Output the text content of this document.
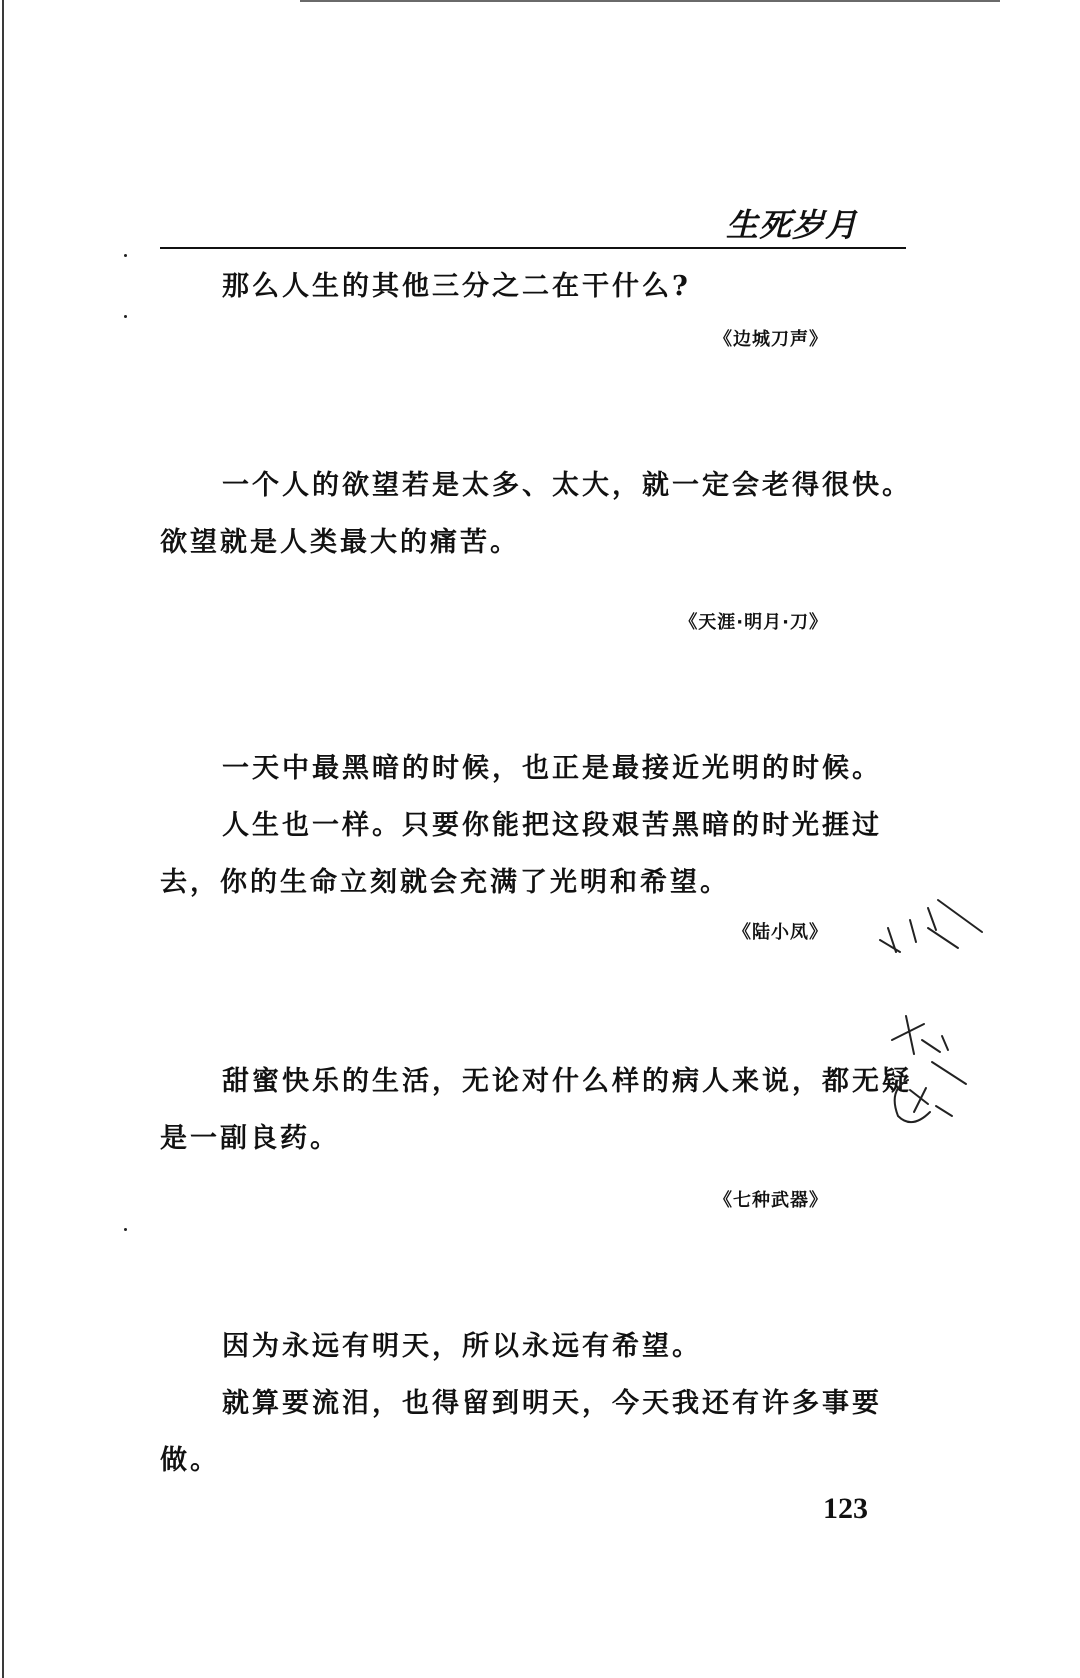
生死岁月
那么人生的其他三分之二在干什么?
《边城刀声》
一个人的欲望若是太多、太大，就一定会老得很快。
欲望就是人类最大的痛苦。
《天涯·明月·刀》
一天中最黑暗的时候，也正是最接近光明的时候。
人生也一样。只要你能把这段艰苦黑暗的时光捱过
去，你的生命立刻就会充满了光明和希望。
《陆小凤》
甜蜜快乐的生活，无论对什么样的病人来说，都无疑
是一副良药。
《七种武器》
因为永远有明天，所以永远有希望。
就算要流泪，也得留到明天，今天我还有许多事要
做。
123
